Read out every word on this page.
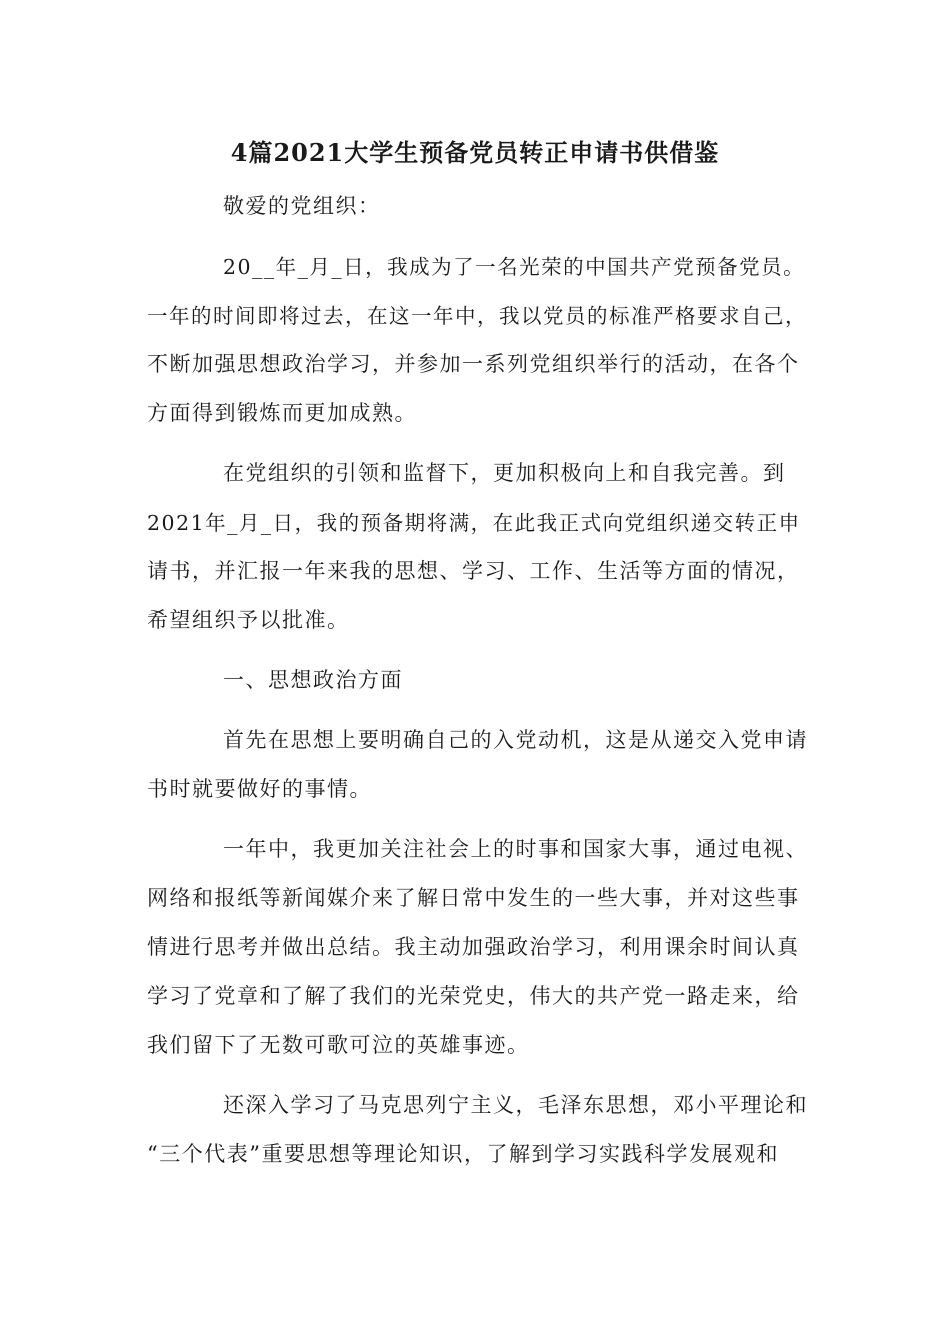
4篇2021大学生预备党员转正申请书供借鉴
敬爱的党组织：
20__年_月_日，我成为了一名光荣的中国共产党预备党员。
一年的时间即将过去，在这一年中，我以党员的标准严格要求自己，
不断加强思想政治学习，并参加一系列党组织举行的活动，在各个
方面得到锻炼而更加成熟。
在党组织的引领和监督下，更加积极向上和自我完善。到
2021年_月_日，我的预备期将满，在此我正式向党组织递交转正申
请书，并汇报一年来我的思想、学习、工作、生活等方面的情况，
希望组织予以批准。
一、思想政治方面
首先在思想上要明确自己的入党动机，这是从递交入党申请
书时就要做好的事情。
一年中，我更加关注社会上的时事和国家大事，通过电视、
网络和报纸等新闻媒介来了解日常中发生的一些大事，并对这些事
情进行思考并做出总结。我主动加强政治学习，利用课余时间认真
学习了党章和了解了我们的光荣党史，伟大的共产党一路走来，给
我们留下了无数可歌可泣的英雄事迹。
还深入学习了马克思列宁主义，毛泽东思想，邓小平理论和
“三个代表”重要思想等理论知识，了解到学习实践科学发展观和
